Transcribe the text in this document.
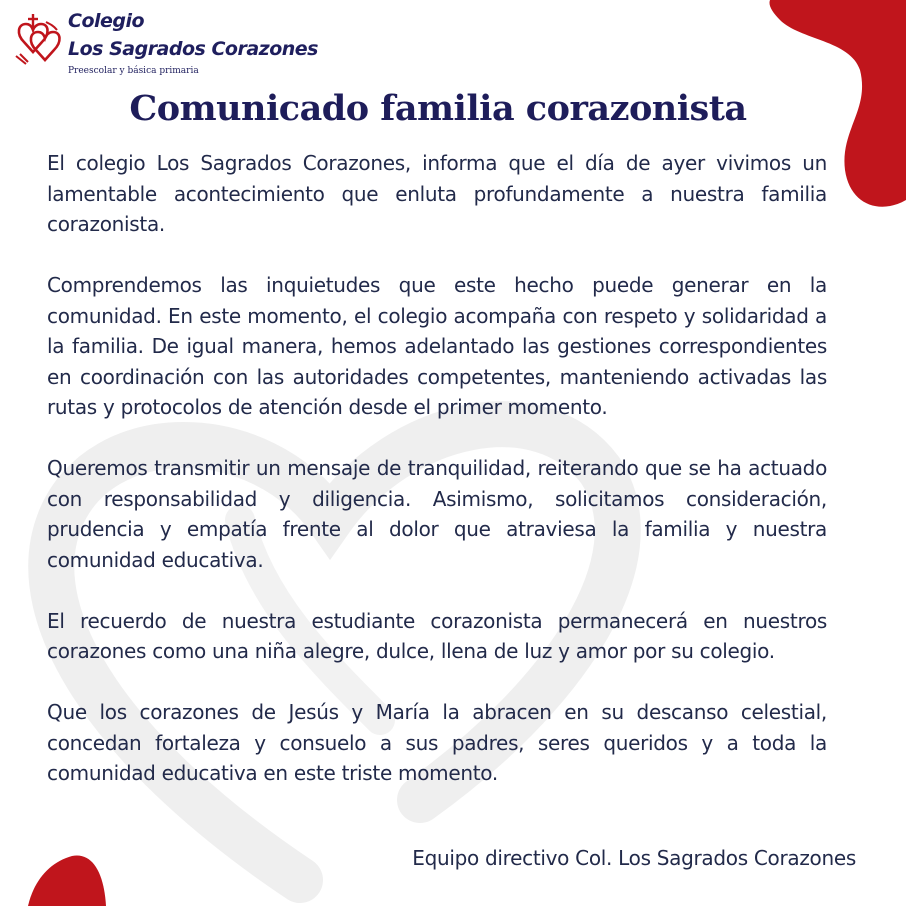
Colegio
Los Sagrados Corazones
Preescolar y básica primaria
Comunicado familia corazonista

El colegio Los Sagrados Corazones, informa que el día de ayer vivimos un lamentable acontecimiento que enluta profundamente a nuestra familia corazonista.

Comprendemos las inquietudes que este hecho puede generar en la comunidad. En este momento, el colegio acompaña con respeto y solidaridad a la familia. De igual manera, hemos adelantado las gestiones correspondientes en coordinación con las autoridades competentes, manteniendo activadas las rutas y protocolos de atención desde el primer momento.

Queremos transmitir un mensaje de tranquilidad, reiterando que se ha actuado con responsabilidad y diligencia. Asimismo, solicitamos consideración, prudencia y empatía frente al dolor que atraviesa la familia y nuestra comunidad educativa.

El recuerdo de nuestra estudiante corazonista permanecerá en nuestros corazones como una niña alegre, dulce, llena de luz y amor por su colegio.

Que los corazones de Jesús y María la abracen en su descanso celestial, concedan fortaleza y consuelo a sus padres, seres queridos y a toda la comunidad educativa en este triste momento.

Equipo directivo Col. Los Sagrados Corazones
